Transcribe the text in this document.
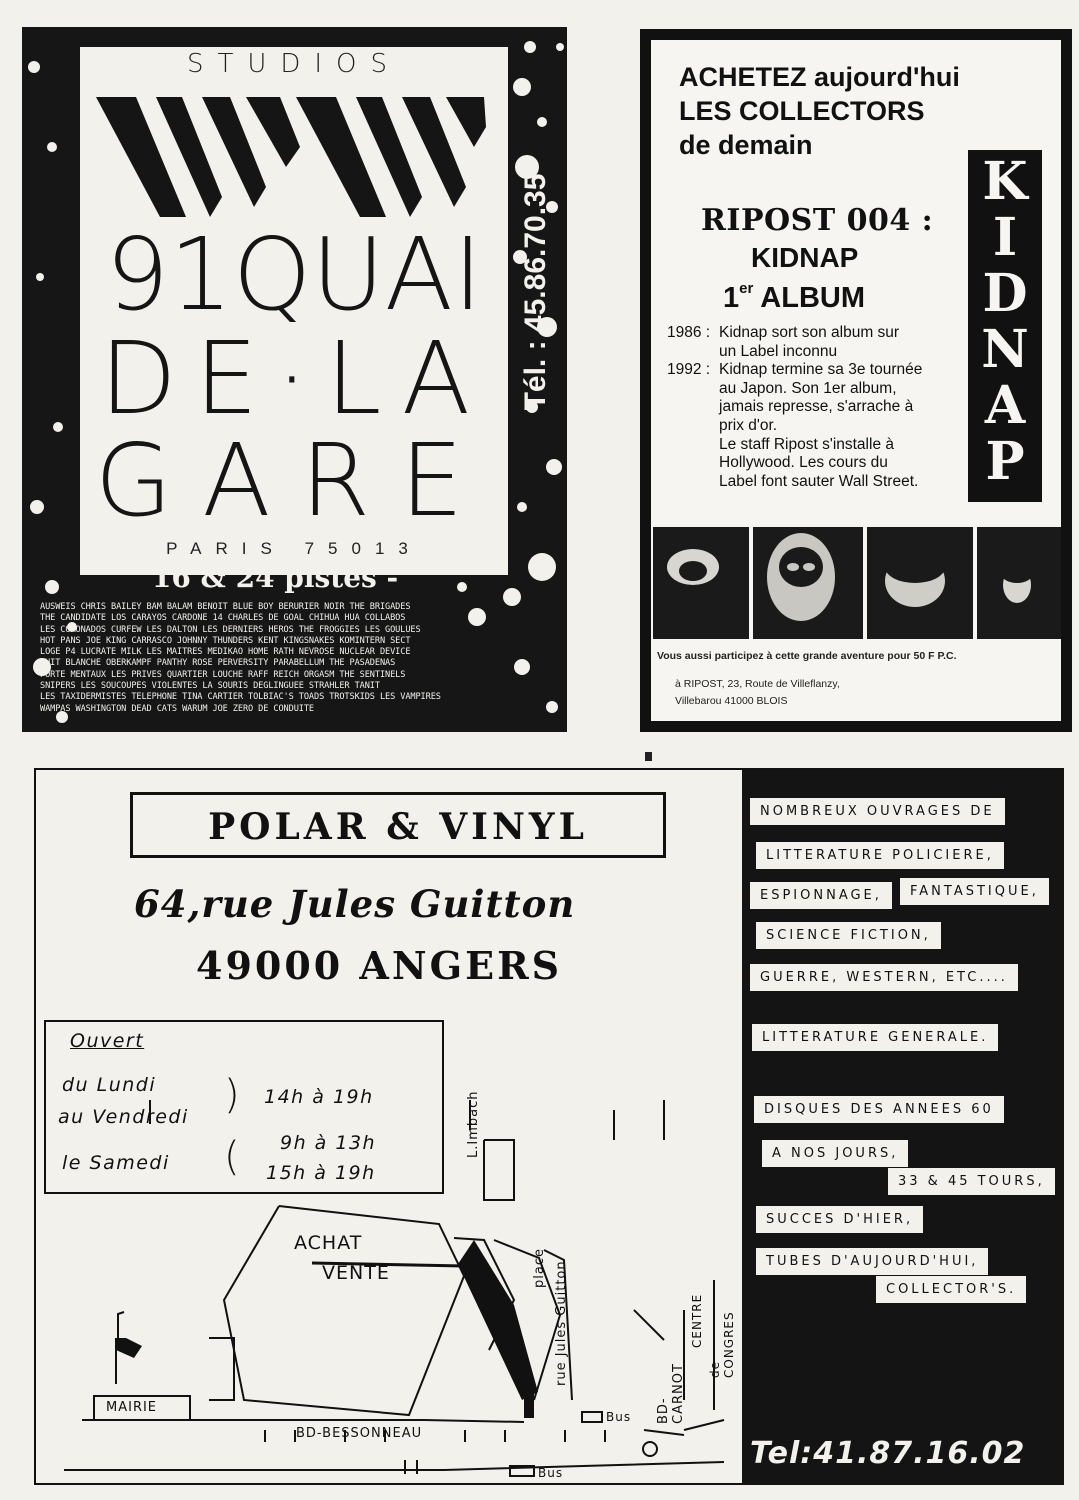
STUDIOS
91QUAI
DE·LA
GARE
PARIS 75013
Tél. : 45.86.70.35
16 & 24 pistes -
AUSWEIS CHRIS BAILEY BAM BALAM BENOIT BLUE BOY BERURIER NOIR THE BRIGADES
THE CANDIDATE LOS CARAYOS CARDONE 14 CHARLES DE GOAL CHIHUA HUA COLLABOS
LES CORONADOS CURFEW LES DALTON LES DERNIERS HEROS THE FROGGIES LES GOULUES
HOT PANS JOE KING CARRASCO JOHNNY THUNDERS KENT KINGSNAKES KOMINTERN SECT
LOGE P4 LUCRATE MILK LES MAITRES MEDIKAO HOME RATH NEVROSE NUCLEAR DEVICE
NUIT BLANCHE OBERKAMPF PANTHY ROSE PERVERSITY PARABELLUM THE PASADENAS
PORTE MENTAUX LES PRIVES QUARTIER LOUCHE RAFF REICH ORGASM THE SENTINELS
SNIPERS LES SOUCOUPES VIOLENTES LA SOURIS DEGLINGUEE STRAHLER TANIT
LES TAXIDERMISTES TELEPHONE TINA CARTIER TOLBIAC'S TOADS TROTSKIDS LES VAMPIRES
WAMPAS WASHINGTON DEAD CATS WARUM JOE ZERO DE CONDUITE
ACHETEZ aujourd'hui
LES COLLECTORS
de demain
RIPOST 004 :
KIDNAP
1er ALBUM
K
I
D
N
A
P
1986 : Kidnap sort son album sur
un Label inconnu
1992 : Kidnap termine sa 3e tournée
au Japon. Son 1er album,
jamais represse, s'arrache à
prix d'or.
Le staff Ripost s'installe à
Hollywood. Les cours du
Label font sauter Wall Street.
Vous aussi participez à cette grande aventure pour 50 F P.C.
à RIPOST, 23, Route de Villeflanzy,
Villebarou 41000 BLOIS
POLAR & VINYL
64,rue Jules Guitton
49000 ANGERS
Ouvert
du Lundi
au Vendredi ) 14h à 19h
le Samedi ( 9h à 13h
15h à 19h
ACHAT
VENTE
L.Imbach
place rue Jules Guitton
BD-CARNOT
CENTRE
de CONGRES
MAIRIE
BD-BESSONNEAU
Bus
Bus
NOMBREUX OUVRAGES DE
LITTERATURE POLICIERE,
ESPIONNAGE,	FANTASTIQUE,
SCIENCE FICTION,
GUERRE, WESTERN, ETC....
LITTERATURE GENERALE.
DISQUES DES ANNEES 60
A NOS JOURS,
33 & 45 TOURS,
SUCCES D'HIER,
TUBES D'AUJOURD'HUI,
COLLECTOR'S.
Tel:41.87.16.02
